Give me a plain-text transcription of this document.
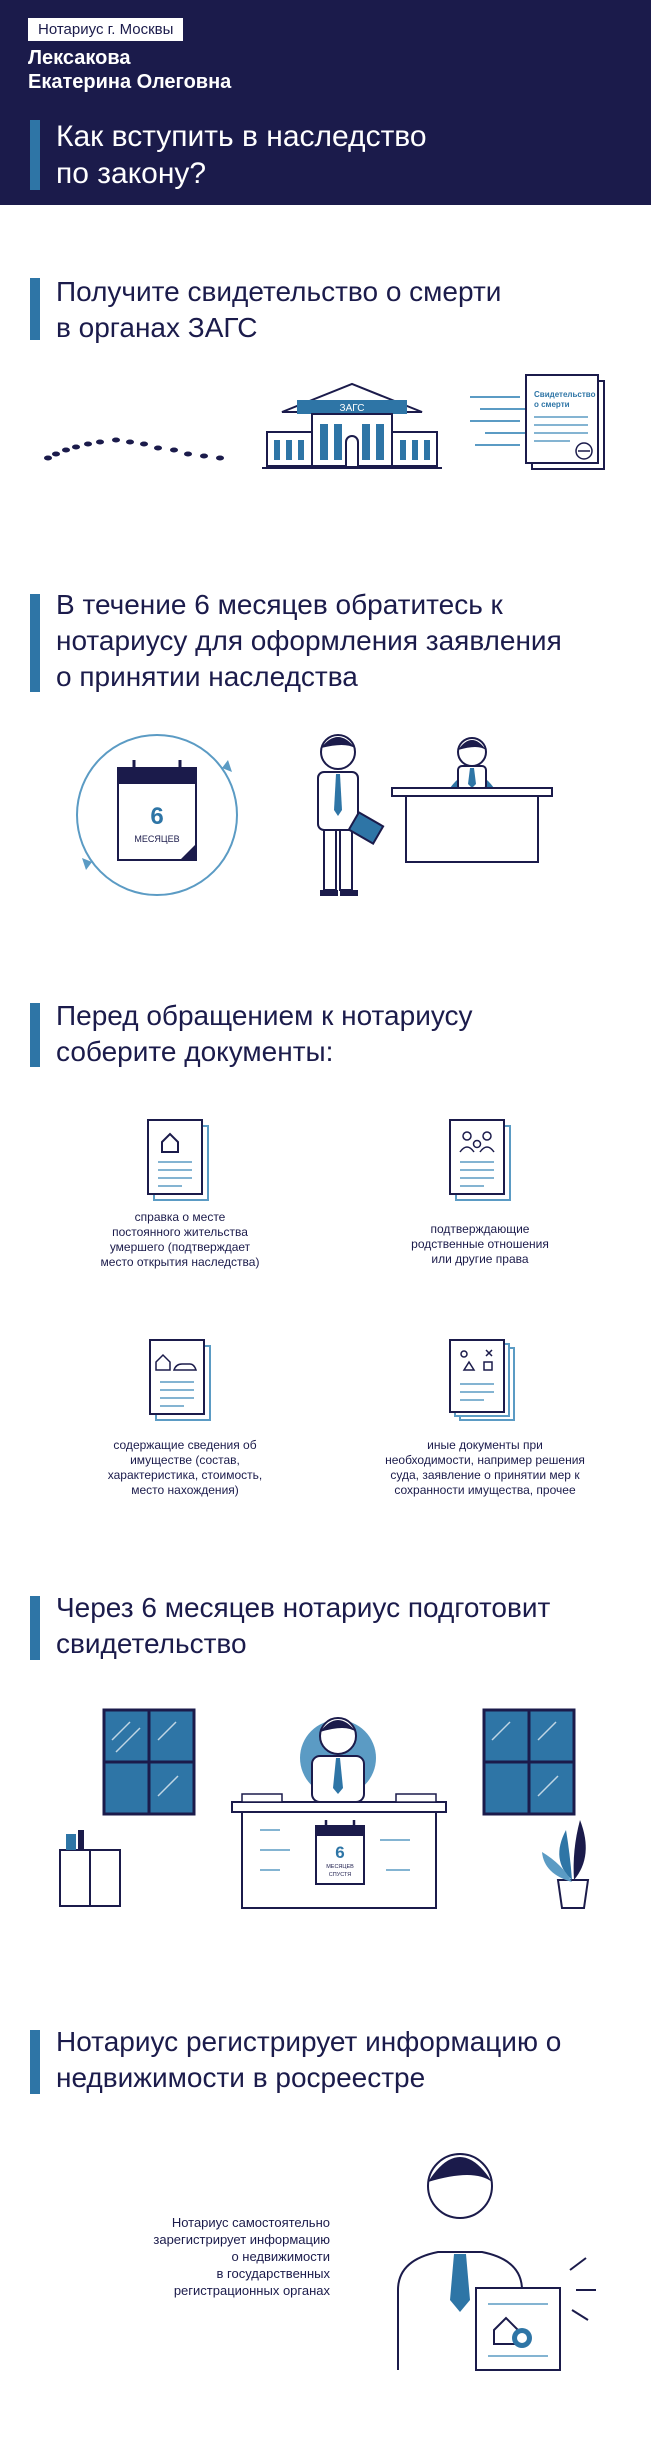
Нотариус г. Москвы
Лексакова
Екатерина Олеговна
Как вступить в наследство
по закону?
Получите свидетельство о смерти
в органах ЗАГС
ЗАГС
Свидетельство
о смерти
В течение 6 месяцев обратитесь к
нотариусу для оформления заявления
о принятии наследства
6
МЕСЯЦЕВ
Перед обращением к нотариусу
соберите документы:
справка о месте
постоянного жительства
умершего (подтверждает
место открытия наследства)
подтверждающие
родственные отношения
или другие права
содержащие сведения об
имуществе (состав,
характеристика, стоимость,
место нахождения)
иные документы при
необходимости, например решения
суда, заявление о принятии мер к
сохранности имущества, прочее
Через 6 месяцев нотариус подготовит
свидетельство
6
МЕСЯЦЕВ
СПУСТЯ
Нотариус регистрирует информацию о
недвижимости в росреестре
Нотариус самостоятельно
зарегистрирует информацию
о недвижимости
в государственных
регистрационных органах
